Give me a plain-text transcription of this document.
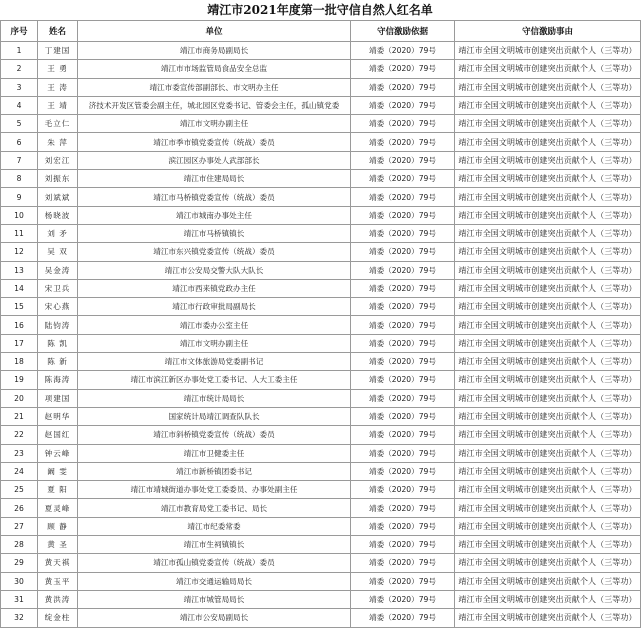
靖江市2021年度第一批守信自然人红名单
序号	姓名	单位	守信激励依据	守信激励事由
1	丁建国	靖江市商务局副局长	靖委（2020）79号	靖江市全国文明城市创建突出贡献个人（三等功）
2	王 勇	靖江市市场监管局食品安全总监	靖委（2020）79号	靖江市全国文明城市创建突出贡献个人（三等功）
3	王 涛	靖江市委宣传部副部长、市文明办主任	靖委（2020）79号	靖江市全国文明城市创建突出贡献个人（三等功）
4	王 靖	济技术开发区管委会副主任，城北园区党委书记、管委会主任，孤山镇党委	靖委（2020）79号	靖江市全国文明城市创建突出贡献个人（三等功）
5	毛立仁	靖江市文明办副主任	靖委（2020）79号	靖江市全国文明城市创建突出贡献个人（三等功）
6	朱 萍	靖江市季市镇党委宣传（统战）委员	靖委（2020）79号	靖江市全国文明城市创建突出贡献个人（三等功）
7	刘宏江	滨江园区办事处人武部部长	靖委（2020）79号	靖江市全国文明城市创建突出贡献个人（三等功）
8	刘振东	靖江市住建局局长	靖委（2020）79号	靖江市全国文明城市创建突出贡献个人（三等功）
9	刘斌斌	靖江市马桥镇党委宣传（统战）委员	靖委（2020）79号	靖江市全国文明城市创建突出贡献个人（三等功）
10	杨晓波	靖江市城南办事处主任	靖委（2020）79号	靖江市全国文明城市创建突出贡献个人（三等功）
11	刘 矛	靖江市马桥镇镇长	靖委（2020）79号	靖江市全国文明城市创建突出贡献个人（三等功）
12	吴 双	靖江市东兴镇党委宣传（统战）委员	靖委（2020）79号	靖江市全国文明城市创建突出贡献个人（三等功）
13	吴金涛	靖江市公安局交警大队大队长	靖委（2020）79号	靖江市全国文明城市创建突出贡献个人（三等功）
14	宋卫兵	靖江市西来镇党政办主任	靖委（2020）79号	靖江市全国文明城市创建突出贡献个人（三等功）
15	宋心燕	靖江市行政审批局副局长	靖委（2020）79号	靖江市全国文明城市创建突出贡献个人（三等功）
16	陆钧涛	靖江市委办公室主任	靖委（2020）79号	靖江市全国文明城市创建突出贡献个人（三等功）
17	陈 凯	靖江市文明办副主任	靖委（2020）79号	靖江市全国文明城市创建突出贡献个人（三等功）
18	陈 新	靖江市文体旅游局党委副书记	靖委（2020）79号	靖江市全国文明城市创建突出贡献个人（三等功）
19	陈海涛	靖江市滨江新区办事处党工委书记、人大工委主任	靖委（2020）79号	靖江市全国文明城市创建突出贡献个人（三等功）
20	项建国	靖江市统计局局长	靖委（2020）79号	靖江市全国文明城市创建突出贡献个人（三等功）
21	赵明华	国家统计局靖江调查队队长	靖委（2020）79号	靖江市全国文明城市创建突出贡献个人（三等功）
22	赵国红	靖江市斜桥镇党委宣传（统战）委员	靖委（2020）79号	靖江市全国文明城市创建突出贡献个人（三等功）
23	钟云峰	靖江市卫健委主任	靖委（2020）79号	靖江市全国文明城市创建突出贡献个人（三等功）
24	阚 雯	靖江市新桥镇团委书记	靖委（2020）79号	靖江市全国文明城市创建突出贡献个人（三等功）
25	夏 阳	靖江市靖城街道办事处党工委委员、办事处副主任	靖委（2020）79号	靖江市全国文明城市创建突出贡献个人（三等功）
26	夏灵峰	靖江市教育局党工委书记、局长	靖委（2020）79号	靖江市全国文明城市创建突出贡献个人（三等功）
27	顾 静	靖江市纪委常委	靖委（2020）79号	靖江市全国文明城市创建突出贡献个人（三等功）
28	黄 圣	靖江市生祠镇镇长	靖委（2020）79号	靖江市全国文明城市创建突出贡献个人（三等功）
29	黄天祺	靖江市孤山镇党委宣传（统战）委员	靖委（2020）79号	靖江市全国文明城市创建突出贡献个人（三等功）
30	黄玉平	靖江市交通运输局局长	靖委（2020）79号	靖江市全国文明城市创建突出贡献个人（三等功）
31	黄洪涛	靖江市城管局局长	靖委（2020）79号	靖江市全国文明城市创建突出贡献个人（三等功）
32	绽金柱	靖江市公安局副局长	靖委（2020）79号	靖江市全国文明城市创建突出贡献个人（三等功）
